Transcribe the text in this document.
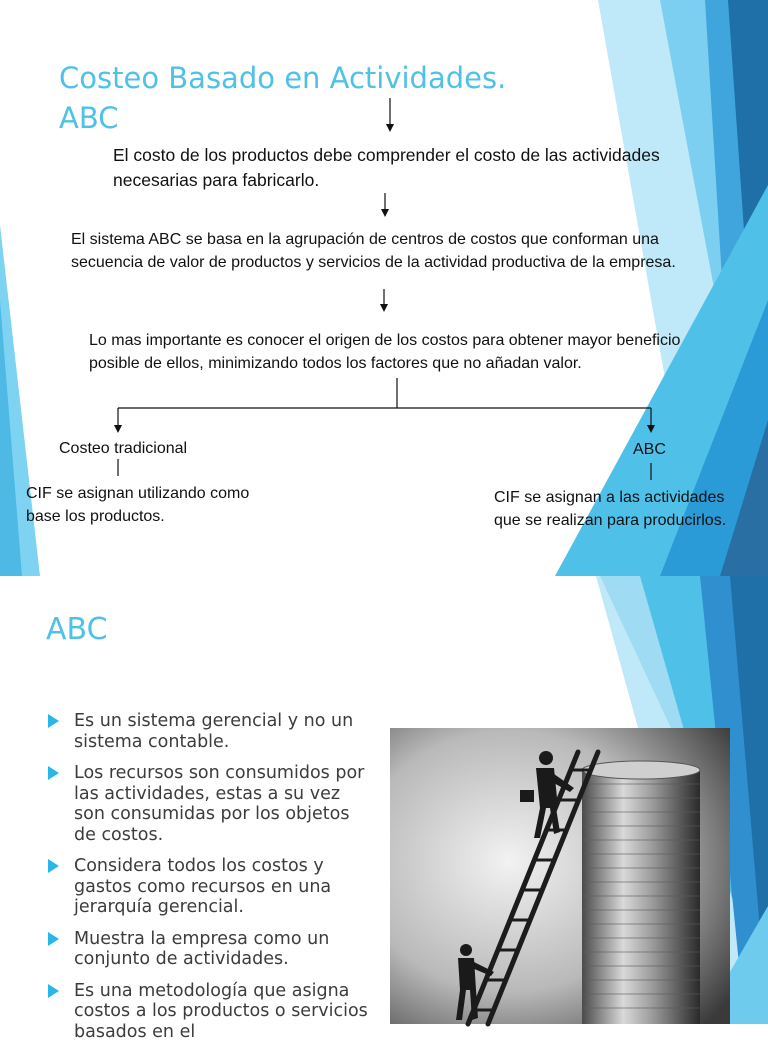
Costeo Basado en Actividades.
ABC

El costo de los productos debe comprender el costo de las actividades necesarias para fabricarlo.

El sistema ABC se basa en la agrupación de centros de costos que conforman una secuencia de valor de productos y servicios de la actividad productiva de la empresa.

Lo mas importante es conocer el origen de los costos para obtener mayor beneficio posible de ellos, minimizando todos los factores que no añadan valor.

Costeo tradicional	ABC

CIF se asignan utilizando como base los productos.

CIF se asignan a las actividades que se realizan para producirlos.

ABC
Es un sistema gerencial y no un sistema contable.
Los recursos son consumidos por las actividades, estas a su vez son consumidas por los objetos de costos.
Considera todos los costos y gastos como recursos en una jerarquía gerencial.
Muestra la empresa como un conjunto de actividades.
Es una metodología que asigna costos a los productos o servicios basados en el
